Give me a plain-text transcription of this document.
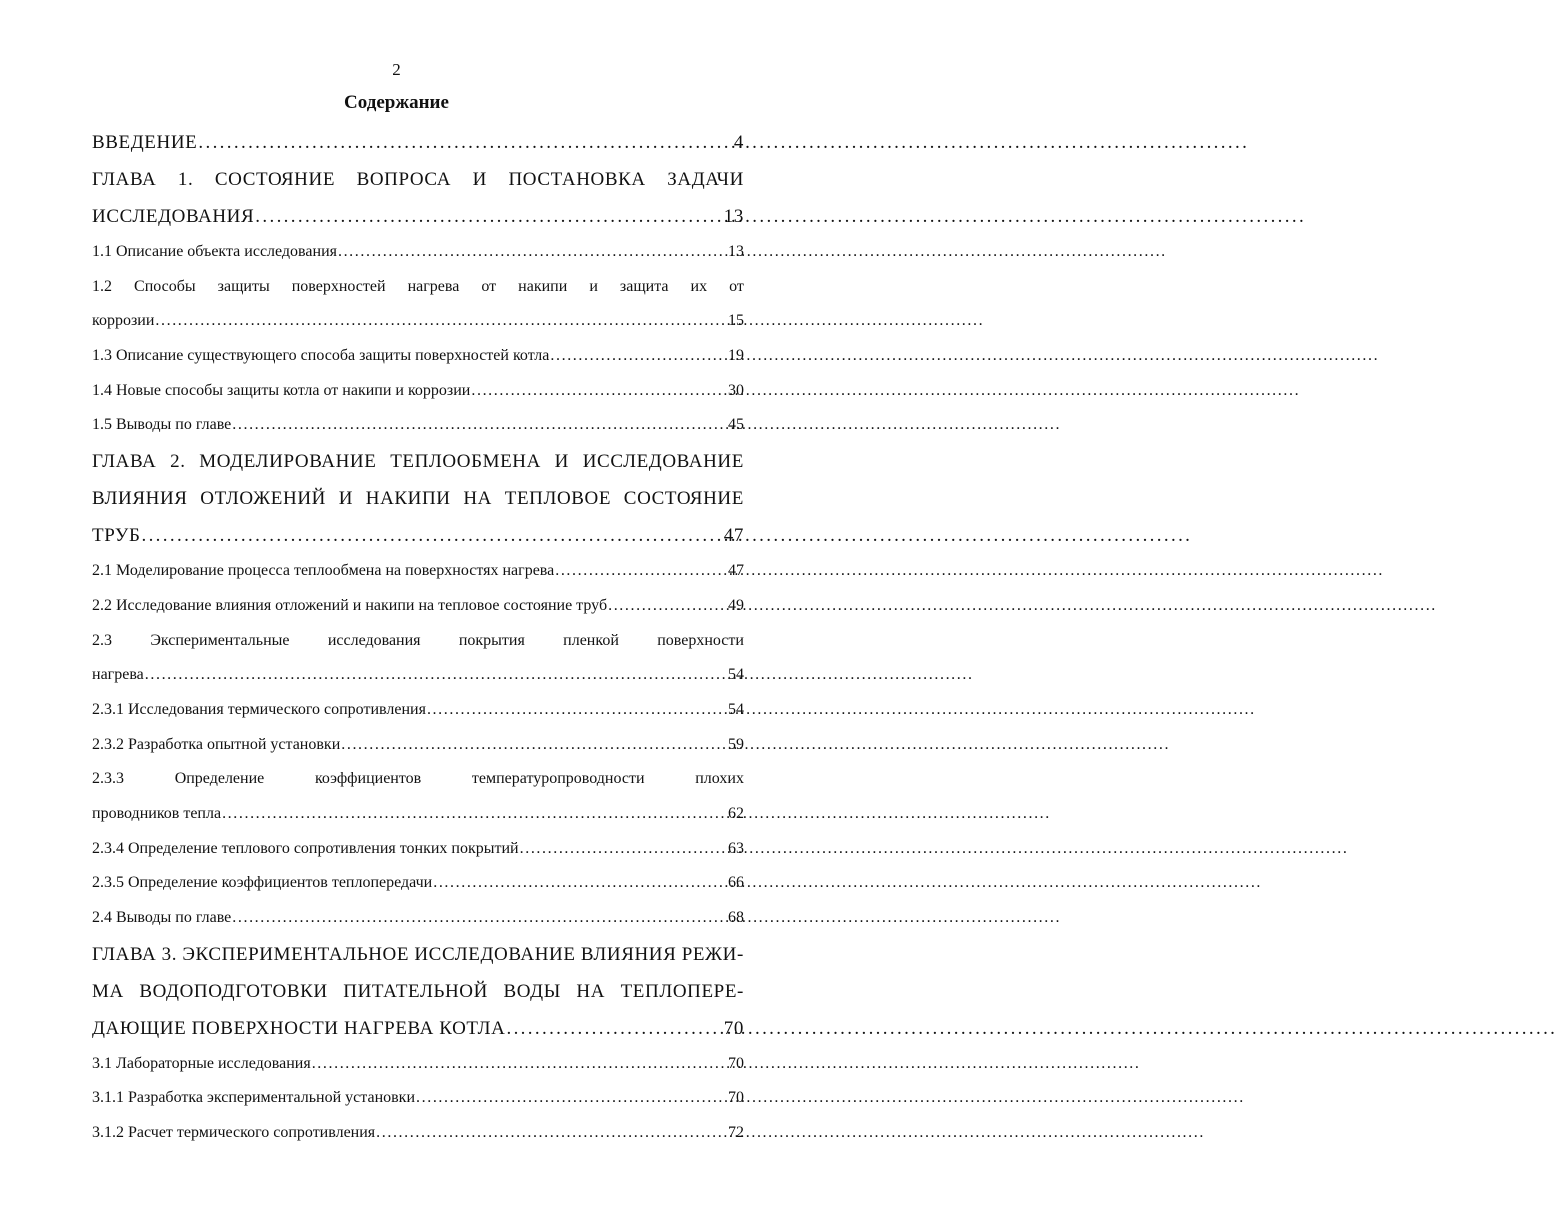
2
Содержание
ВВЕДЕНИЕ . . .	4
ГЛАВА 1. СОСТОЯНИЕ ВОПРОСА И ПОСТАНОВКА ЗАДАЧИ
ИССЛЕДОВАНИЯ . . .	13
1.1 Описание объекта исследования . . .	13
1.2 Способы защиты поверхностей нагрева от накипи и защита их от
коррозии . . .	15
1.3 Описание существующего способа защиты поверхностей котла . . .	19
1.4 Новые способы защиты котла от накипи и коррозии . . .	30
1.5 Выводы по главе . . .	45
ГЛАВА 2. МОДЕЛИРОВАНИЕ ТЕПЛООБМЕНА И ИССЛЕДОВАНИЕ
ВЛИЯНИЯ ОТЛОЖЕНИЙ И НАКИПИ НА ТЕПЛОВОЕ СОСТОЯНИЕ
ТРУБ . . .	47
2.1 Моделирование процесса теплообмена на поверхностях нагрева . . .	47
2.2 Исследование влияния отложений и накипи на тепловое состояние труб . . .	49
2.3 Экспериментальные исследования покрытия пленкой поверхности
нагрева . . .	54
2.3.1 Исследования термического сопротивления . . .	54
2.3.2 Разработка опытной установки . . .	59
2.3.3	Определение	коэффициентов	температуропроводности	плохих
проводников тепла . . .	62
2.3.4 Определение теплового сопротивления тонких покрытий . . .	63
2.3.5 Определение коэффициентов теплопередачи . . .	66
2.4 Выводы по главе . . .	68
ГЛАВА 3. ЭКСПЕРИМЕНТАЛЬНОЕ ИССЛЕДОВАНИЕ ВЛИЯНИЯ РЕЖИ-
МА ВОДОПОДГОТОВКИ ПИТАТЕЛЬНОЙ ВОДЫ НА ТЕПЛОПЕРЕ-
ДАЮЩИЕ ПОВЕРХНОСТИ НАГРЕВА КОТЛА . . .	70
3.1 Лабораторные исследования . . .	70
3.1.1 Разработка экспериментальной установки . . .	70
3.1.2 Расчет термического сопротивления . . .	72
